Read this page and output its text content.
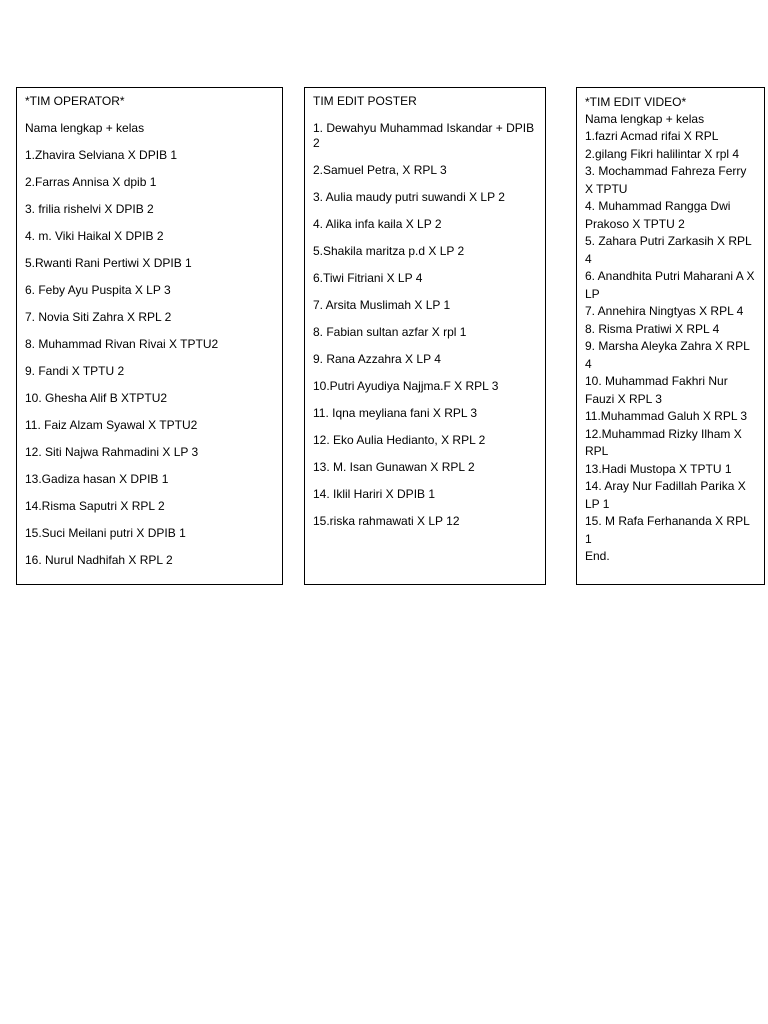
*TIM OPERATOR*

Nama lengkap + kelas

1.Zhavira Selviana X DPIB 1
2.Farras Annisa X dpib 1
3. frilia rishelvi X DPIB 2
4. m. Viki Haikal X DPIB 2
5.Rwanti Rani Pertiwi X DPIB 1
6. Feby Ayu Puspita X LP 3
7. Novia Siti Zahra X RPL 2
8. Muhammad Rivan Rivai X TPTU2
9. Fandi X TPTU 2
10. Ghesha Alif B XTPTU2
11. Faiz Alzam Syawal X TPTU2
12. Siti Najwa Rahmadini X LP 3
13.Gadiza hasan X DPIB 1
14.Risma Saputri X RPL 2
15.Suci Meilani putri X DPIB 1
16. Nurul Nadhifah X RPL 2

TIM EDIT POSTER

1. Dewahyu Muhammad Iskandar + DPIB 2
2.Samuel Petra, X RPL 3
3. Aulia maudy putri suwandi X LP 2
4. Alika infa kaila X LP 2
5.Shakila maritza p.d X LP 2
6.Tiwi Fitriani X LP 4
7. Arsita Muslimah X LP 1
8. Fabian sultan azfar X rpl 1
9. Rana Azzahra X LP 4
10.Putri Ayudiya Najjma.F X RPL 3
11. Iqna meyliana fani X RPL 3
12. Eko Aulia Hedianto, X RPL 2
13. M. Isan Gunawan X RPL 2
14. Iklil Hariri X DPIB 1
15.riska rahmawati X LP 12

*TIM EDIT VIDEO*

Nama lengkap + kelas

1.fazri Acmad rifai X RPL
2.gilang Fikri halilintar X rpl 4
3. Mochammad Fahreza Ferry X TPTU
4. Muhammad Rangga Dwi Prakoso X TPTU 2
5. Zahara Putri Zarkasih X RPL 4
6. Anandhita Putri Maharani A X LP
7. Annehira Ningtyas X RPL 4
8. Risma Pratiwi X RPL 4
9. Marsha Aleyka Zahra X RPL 4
10. Muhammad Fakhri Nur Fauzi X RPL 3
11.Muhammad Galuh X RPL 3
12.Muhammad Rizky Ilham X RPL
13.Hadi Mustopa X TPTU 1
14. Aray Nur Fadillah Parika X LP 1
15. M Rafa Ferhananda X RPL 1

End.
